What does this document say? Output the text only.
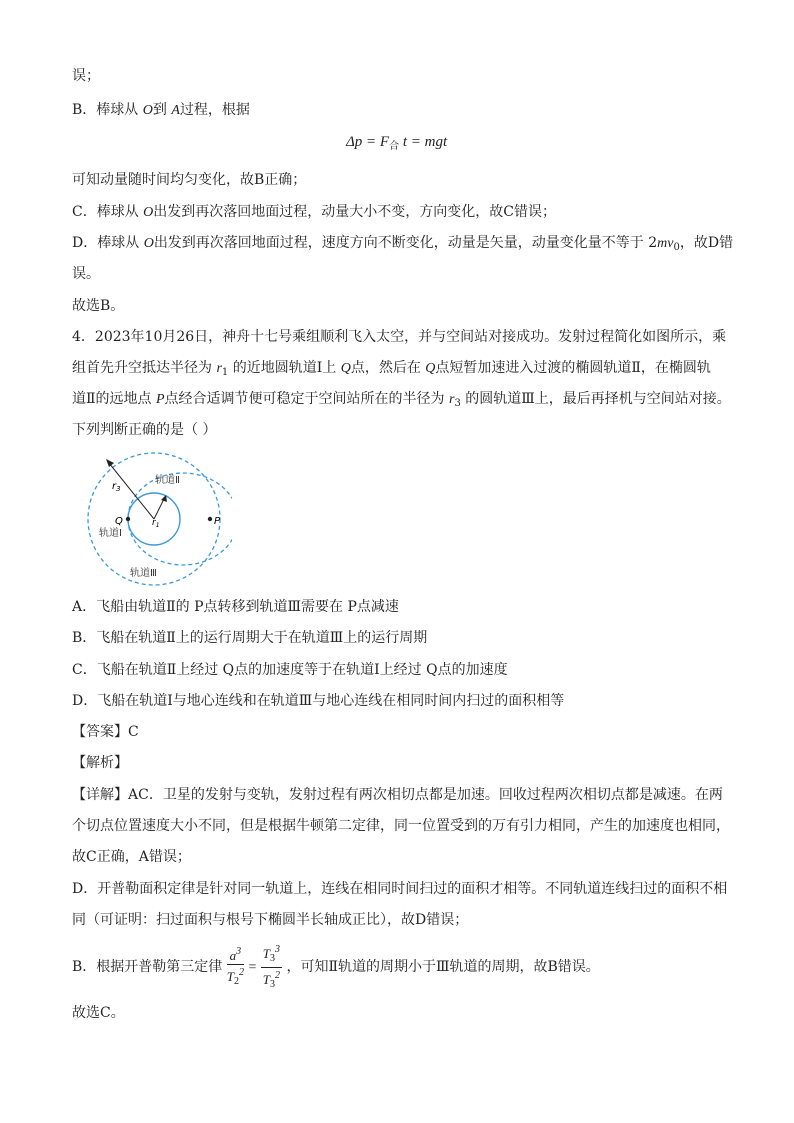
误；
B．棒球从 O到 A过程，根据
$\Delta p = F_合$ t = mgt
可知动量随时间均匀变化，故B正确；
C．棒球从 O出发到再次落回地面过程，动量大小不变，方向变化，故C错误；
D．棒球从 O出发到再次落回地面过程，速度方向不断变化，动量是矢量，动量变化量不等于 $2mv_0$，故D错
误。
故选B。
4．2023年10月26日，神舟十七号乘组顺利飞入太空，并与空间站对接成功。发射过程简化如图所示，乘
组首先升空抵达半径为 $r_1$ 的近地圆轨道Ⅰ上 Q点，然后在 Q点短暂加速进入过渡的椭圆轨道Ⅱ，在椭圆轨
道Ⅱ的远地点 P点经合适调节便可稳定于空间站所在的半径为 $r_3$ 的圆轨道Ⅲ上，最后再择机与空间站对接。
下列判断正确的是（ ）
$r_3$
$r_1$
轨道Ⅱ
轨道Ⅰ
轨道Ⅲ
Q	P
A．飞船由轨道Ⅱ的 P点转移到轨道Ⅲ需要在 P点减速
B．飞船在轨道Ⅱ上的运行周期大于在轨道Ⅲ上的运行周期
C．飞船在轨道Ⅱ上经过 Q点的加速度等于在轨道Ⅰ上经过 Q点的加速度
D．飞船在轨道Ⅰ与地心连线和在轨道Ⅲ与地心连线在相同时间内扫过的面积相等
【答案】C
【解析】
【详解】AC．卫星的发射与变轨，发射过程有两次相切点都是加速。回收过程两次相切点都是减速。在两
个切点位置速度大小不同，但是根据牛顿第二定律，同一位置受到的万有引力相同，产生的加速度也相同，
故C正确，A错误；
D．开普勒面积定律是针对同一轨道上，连线在相同时间扫过的面积才相等。不同轨道连线扫过的面积不相
同（可证明：扫过面积与根号下椭圆半长轴成正比），故D错误；
B．根据开普勒第三定律 $\frac{a^3}{T_2^2} = \frac{T_3^3}{T_3^2}$ ，可知Ⅱ轨道的周期小于Ⅲ轨道的周期，故B错误。
故选C。
